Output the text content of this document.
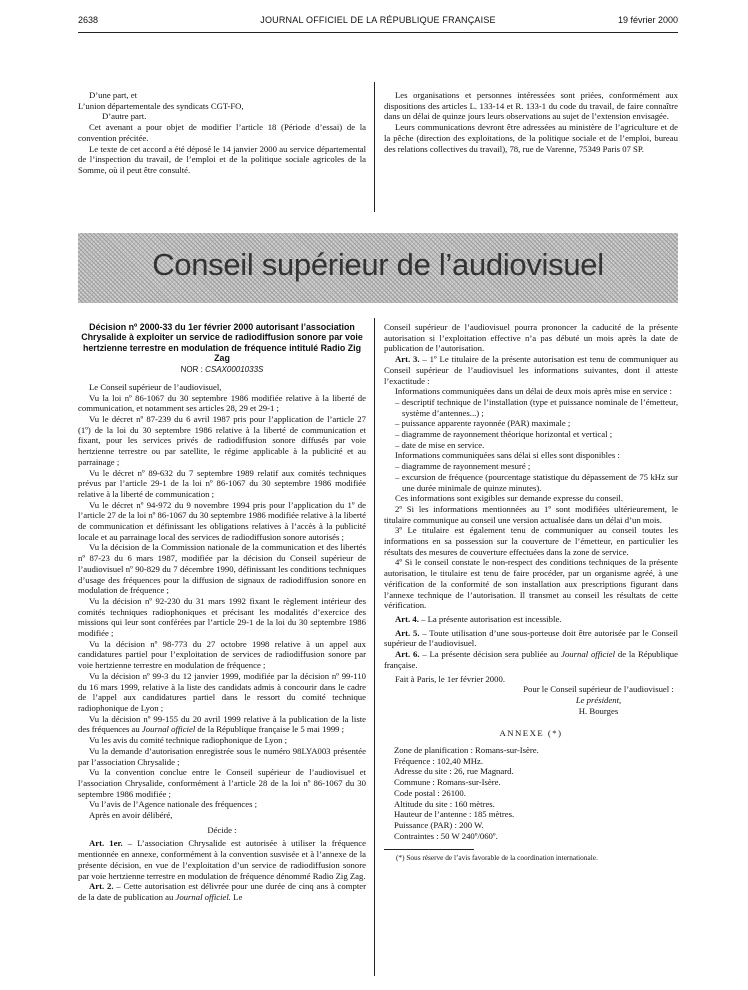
2638	JOURNAL OFFICIEL DE LA RÉPUBLIQUE FRANÇAISE	19 février 2000

D’une part, et

L’union départementale des syndicats CGT-FO,

D’autre part.

Cet avenant a pour objet de modifier l’article 18 (Période d’essai) de la convention précitée.

Le texte de cet accord a été déposé le 14 janvier 2000 au service départemental de l’inspection du travail, de l’emploi et de la politique sociale agricoles de la Somme, où il peut être consulté.

Les organisations et personnes intéressées sont priées, conformément aux dispositions des articles L. 133-14 et R. 133-1 du code du travail, de faire connaître dans un délai de quinze jours leurs observations au sujet de l’extension envisagée.

Leurs communications devront être adressées au ministère de l’agriculture et de la pêche (direction des exploitations, de la politique sociale et de l’emploi, bureau des relations collectives du travail), 78, rue de Varenne, 75349 Paris 07 SP.

Conseil supérieur de l’audiovisuel
Décision nº 2000-33 du 1er février 2000 autorisant l’association Chrysalide à exploiter un service de radiodiffusion sonore par voie hertzienne terrestre en modulation de fréquence intitulé Radio Zig Zag
NOR : CSAX0001033S

Le Conseil supérieur de l’audiovisuel,

Vu la loi nº 86-1067 du 30 septembre 1986 modifiée relative à la liberté de communication, et notamment ses articles 28, 29 et 29-1 ;

Vu le décret nº 87-239 du 6 avril 1987 pris pour l’application de l’article 27 (1º) de la loi du 30 septembre 1986 relative à la liberté de communication et fixant, pour les services privés de radiodiffusion sonore diffusés par voie hertzienne terrestre ou par satellite, le régime applicable à la publicité et au parrainage ;

Vu le décret nº 89-632 du 7 septembre 1989 relatif aux comités techniques prévus par l’article 29-1 de la loi nº 86-1067 du 30 septembre 1986 modifiée relative à la liberté de communication ;

Vu le décret nº 94-972 du 9 novembre 1994 pris pour l’application du 1º de l’article 27 de la loi nº 86-1067 du 30 septembre 1986 modifiée relative à la liberté de communication et définissant les obligations relatives à l’accès à la publicité locale et au parrainage local des services de radiodiffusion sonore autorisés ;

Vu la décision de la Commission nationale de la communication et des libertés nº 87-23 du 6 mars 1987, modifiée par la décision du Conseil supérieur de l’audiovisuel nº 90-829 du 7 décembre 1990, définissant les conditions techniques d’usage des fréquences pour la diffusion de signaux de radiodiffusion sonore en modulation de fréquence ;

Vu la décision nº 92-230 du 31 mars 1992 fixant le règlement intérieur des comités techniques radiophoniques et précisant les modalités d’exercice des missions qui leur sont conférées par l’article 29-1 de la loi du 30 septembre 1986 modifiée ;

Vu la décision nº 98-773 du 27 octobre 1998 relative à un appel aux candidatures partiel pour l’exploitation de services de radiodiffusion sonore par voie hertzienne terrestre en modulation de fréquence ;

Vu la décision nº 99-3 du 12 janvier 1999, modifiée par la décision nº 99-110 du 16 mars 1999, relative à la liste des candidats admis à concourir dans le cadre de l’appel aux candidatures partiel dans le ressort du comité technique radiophonique de Lyon ;

Vu la décision nº 99-155 du 20 avril 1999 relative à la publication de la liste des fréquences au Journal officiel de la République française le 5 mai 1999 ;

Vu les avis du comité technique radiophonique de Lyon ;

Vu la demande d’autorisation enregistrée sous le numéro 98LYA003 présentée par l’association Chrysalide ;

Vu la convention conclue entre le Conseil supérieur de l’audiovisuel et l’association Chrysalide, conformément à l’article 28 de la loi nº 86-1067 du 30 septembre 1986 modifiée ;

Vu l’avis de l’Agence nationale des fréquences ;

Après en avoir délibéré,

Décide :

Art. 1er. – L’association Chrysalide est autorisée à utiliser la fréquence mentionnée en annexe, conformément à la convention susvisée et à l’annexe de la présente décision, en vue de l’exploitation d’un service de radiodiffusion sonore par voie hertzienne terrestre en modulation de fréquence dénommé Radio Zig Zag.

Art. 2. – Cette autorisation est délivrée pour une durée de cinq ans à compter de la date de publication au Journal officiel. Le

Conseil supérieur de l’audiovisuel pourra prononcer la caducité de la présente autorisation si l’exploitation effective n’a pas débuté un mois après la date de publication de l’autorisation.

Art. 3. – 1º Le titulaire de la présente autorisation est tenu de communiquer au Conseil supérieur de l’audiovisuel les informations suivantes, dont il atteste l’exactitude :

Informations communiquées dans un délai de deux mois après mise en service :

– descriptif technique de l’installation (type et puissance nominale de l’émetteur, système d’antennes...) ;

– puissance apparente rayonnée (PAR) maximale ;

– diagramme de rayonnement théorique horizontal et vertical ;

– date de mise en service.

Informations communiquées sans délai si elles sont disponibles :

– diagramme de rayonnement mesuré ;

– excursion de fréquence (pourcentage statistique du dépassement de 75 kHz sur une durée minimale de quinze minutes).

Ces informations sont exigibles sur demande expresse du conseil.

2º Si les informations mentionnées au 1º sont modifiées ultérieurement, le titulaire communique au conseil une version actualisée dans un délai d’un mois.

3º Le titulaire est également tenu de communiquer au conseil toutes les informations en sa possession sur la couverture de l’émetteur, en particulier les résultats des mesures de couverture effectuées dans la zone de service.

4º Si le conseil constate le non-respect des conditions techniques de la présente autorisation, le titulaire est tenu de faire procéder, par un organisme agréé, à une vérification de la conformité de son installation aux prescriptions figurant dans l’annexe technique de l’autorisation. Il transmet au conseil les résultats de cette vérification.

Art. 4. – La présente autorisation est incessible.

Art. 5. – Toute utilisation d’une sous-porteuse doit être autorisée par le Conseil supérieur de l’audiovisuel.

Art. 6. – La présente décision sera publiée au Journal officiel de la République française.

Fait à Paris, le 1er février 2000.

Pour le Conseil supérieur de l’audiovisuel :

Le président,

H. Bourges

ANNEXE (*)

Zone de planification : Romans-sur-Isère.

Fréquence : 102,40 MHz.

Adresse du site : 26, rue Magnard.

Commune : Romans-sur-Isère.

Code postal : 26100.

Altitude du site : 160 mètres.

Hauteur de l’antenne : 185 mètres.

Puissance (PAR) : 200 W.

Contraintes : 50 W 240º/060º.

(*) Sous réserve de l’avis favorable de la coordination internationale.
